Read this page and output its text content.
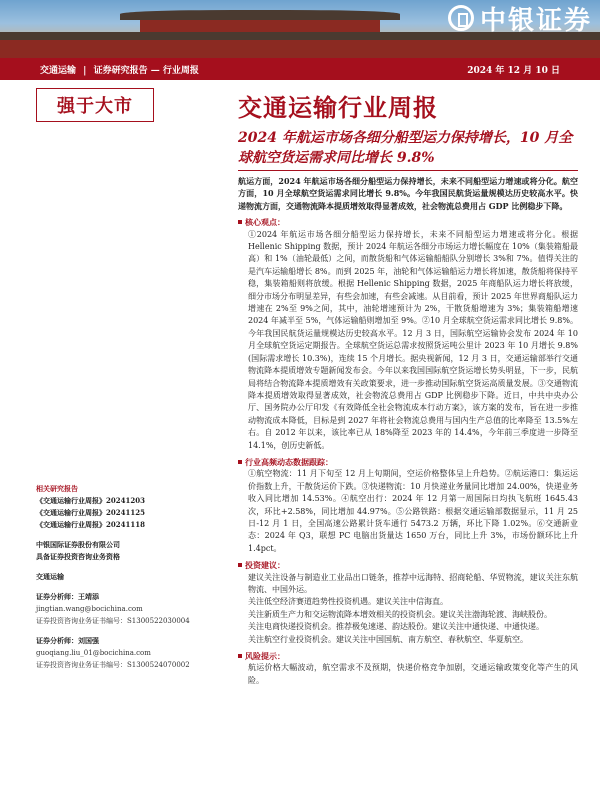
中银证券
交通运输 | 证券研究报告 — 行业周报	2024 年 12 月 10 日
强于大市	交通运输行业周报
2024 年航运市场各细分船型运力保持增长，10 月全球航空货运需求同比增长 9.8%
航运方面，2024 年航运市场各细分船型运力保持增长，未来不同船型运力增速或将分化。航空方面，10 月全球航空货运需求同比增长 9.8%。今年我国民航货运量规模达历史较高水平。快递物流方面，交通物流降本提质增效取得显著成效，社会物流总费用占 GDP 比例稳步下降。
核心观点：
①2024 年航运市场各细分船型运力保持增长，未来不同船型运力增速或将分化。根据 Hellenic Shipping 数据，预计 2024 年航运各细分市场运力增长幅度在 10%（集装箱船最高）和 1%（油轮最低）之间，而散货船和气体运输船船队分别增长 3%和 7%。值得关注的是汽车运输船增长 8%。而到 2025 年，油轮和气体运输船运力增长将加速，散货船将保持平稳，集装箱船则将放缓。根据 Hellenic Shipping 数据，2025 年商船队运力增长将放缓，细分市场分布明显差异，有些会加速，有些会减速。从目前看，预计 2025 年世界商船队运力增速在 2%至 9%之间，其中，油轮增速预计为 2%，干散货船增速为 3%；集装箱船增速 2024 年减半至 5%，气体运输船则增加至 9%。②10 月全球航空货运需求同比增长 9.8%。今年我国民航货运量规模达历史较高水平。12 月 3 日，国际航空运输协会发布 2024 年 10 月全球航空货运定期报告。全球航空货运总需求按照货运吨公里计 2023 年 10 月增长 9.8%(国际需求增长 10.3%)，连续 15 个月增长。据央视新闻，12 月 3 日，交通运输部举行交通物流降本提质增效专题新闻发布会。今年以来我国国际航空货运增长势头明显，下一步，民航局将结合物流降本提质增效有关政策要求，进一步推动国际航空货运高质量发展。③交通物流降本提质增效取得显著成效，社会物流总费用占 GDP 比例稳步下降。近日，中共中央办公厅、国务院办公厅印发《有效降低全社会物流成本行动方案》，该方案的发布，旨在进一步推动物流成本降低，目标是到 2027 年将社会物流总费用与国内生产总值的比率降至 13.5%左右。自 2012 年以来，该比率已从 18%降至 2023 年的 14.4%，今年前三季度进一步降至 14.1%，创历史新低。
行业高频动态数据跟踪：
①航空物流：11 月下旬至 12 月上旬期间，空运价格整体呈上升趋势。②航运港口：集运运价指数上升，干散货运价下跌。③快递物流：10 月快递业务量同比增加 24.00%，快递业务收入同比增加 14.53%。④航空出行：2024 年 12 月第一周国际日均执飞航班 1645.43 次，环比+2.58%，同比增加 44.97%。⑤公路铁路：根据交通运输部数据显示，11 月 25 日-12 月 1 日，全国高速公路累计货车通行 5473.2 万辆，环比下降 1.02%。⑥交通新业态：2024 年 Q3，联想 PC 电脑出货量达 1650 万台，同比上升 3%，市场份额环比上升 1.4pct。
投资建议：
建议关注设备与制造业工业品出口链条，推荐中远海特、招商轮船、华贸物流，建议关注东航物流、中国外运。
关注低空经济赛道趋势性投资机遇。建议关注中信海直。
关注新质生产力和交运物流降本增效相关的投资机会。建议关注渤海轮渡、海峡股份。
关注电商快递投资机会。推荐极兔速递、韵达股份。建议关注中通快递、中通快递。
关注航空行业投资机会。建议关注中国国航、南方航空、春秋航空、华夏航空。
风险提示：
航运价格大幅波动，航空需求不及预期，快递价格竞争加剧，交通运输政策变化等产生的风险。
相关研究报告
《交通运输行业周报》20241203
《交通运输行业周报》20241125
《交通运输行业周报》20241118
中银国际证券股份有限公司
具备证券投资咨询业务资格
交通运输
证券分析师：王靖添
jingtian.wang@bocichina.com
证券投资咨询业务证书编号：S1300522030004
证券分析师：刘国强
guoqiang.liu_01@bocichina.com
证券投资咨询业务证书编号：S1300524070002
